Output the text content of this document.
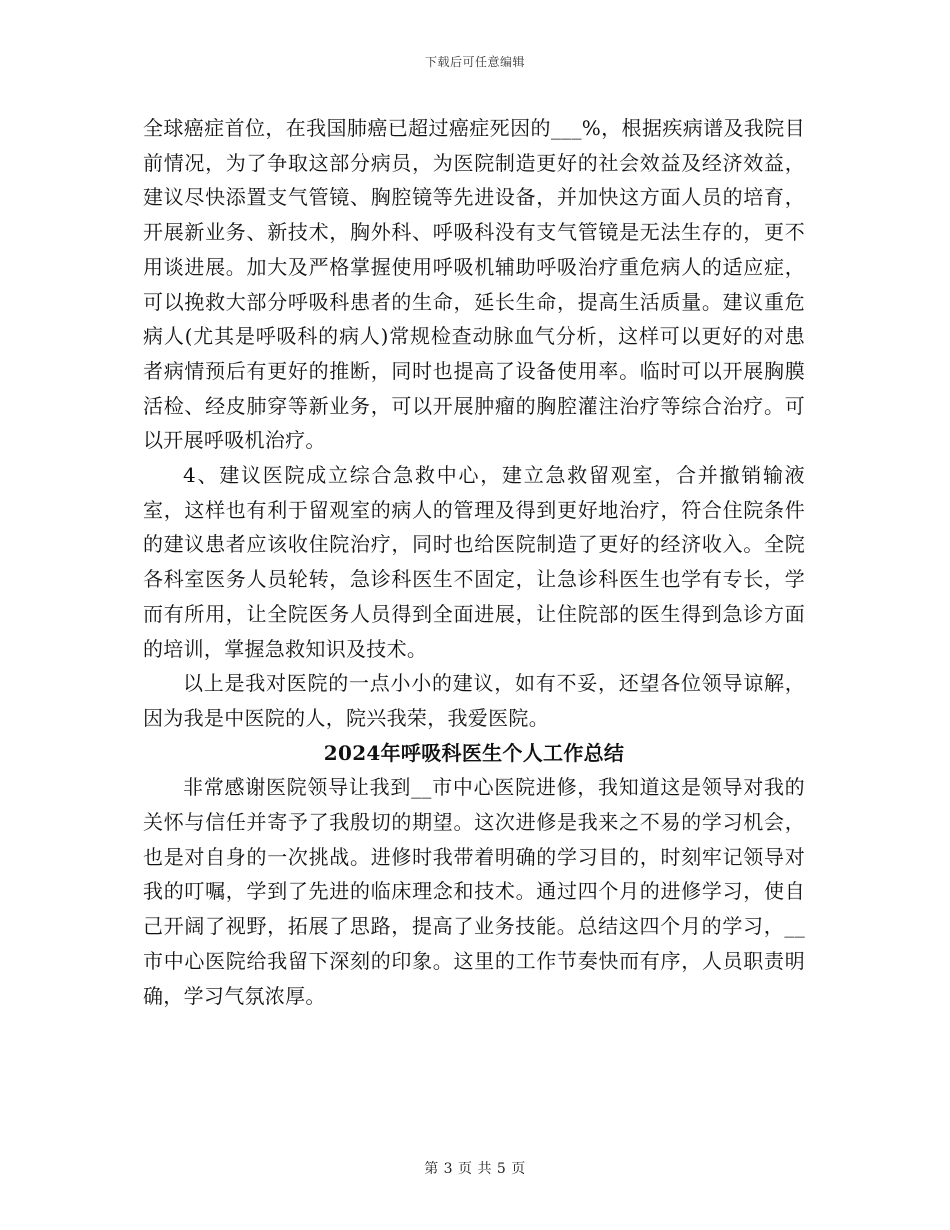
下载后可任意编辑

全球癌症首位，在我国肺癌已超过癌症死因的___%，根据疾病谱及我院目前情况，为了争取这部分病员，为医院制造更好的社会效益及经济效益，建议尽快添置支气管镜、胸腔镜等先进设备，并加快这方面人员的培育，开展新业务、新技术，胸外科、呼吸科没有支气管镜是无法生存的，更不用谈进展。加大及严格掌握使用呼吸机辅助呼吸治疗重危病人的适应症，可以挽救大部分呼吸科患者的生命，延长生命，提高生活质量。建议重危病人(尤其是呼吸科的病人)常规检查动脉血气分析，这样可以更好的对患者病情预后有更好的推断，同时也提高了设备使用率。临时可以开展胸膜活检、经皮肺穿等新业务，可以开展肿瘤的胸腔灌注治疗等综合治疗。可以开展呼吸机治疗。

4、建议医院成立综合急救中心，建立急救留观室，合并撤销输液室，这样也有利于留观室的病人的管理及得到更好地治疗，符合住院条件的建议患者应该收住院治疗，同时也给医院制造了更好的经济收入。全院各科室医务人员轮转，急诊科医生不固定，让急诊科医生也学有专长，学而有所用，让全院医务人员得到全面进展，让住院部的医生得到急诊方面的培训，掌握急救知识及技术。

以上是我对医院的一点小小的建议，如有不妥，还望各位领导谅解，因为我是中医院的人，院兴我荣，我爱医院。

2024年呼吸科医生个人工作总结

非常感谢医院领导让我到__市中心医院进修，我知道这是领导对我的关怀与信任并寄予了我殷切的期望。这次进修是我来之不易的学习机会，也是对自身的一次挑战。进修时我带着明确的学习目的，时刻牢记领导对我的叮嘱，学到了先进的临床理念和技术。通过四个月的进修学习，使自己开阔了视野，拓展了思路，提高了业务技能。总结这四个月的学习，__市中心医院给我留下深刻的印象。这里的工作节奏快而有序，人员职责明确，学习气氛浓厚。

第 3 页 共 5 页
